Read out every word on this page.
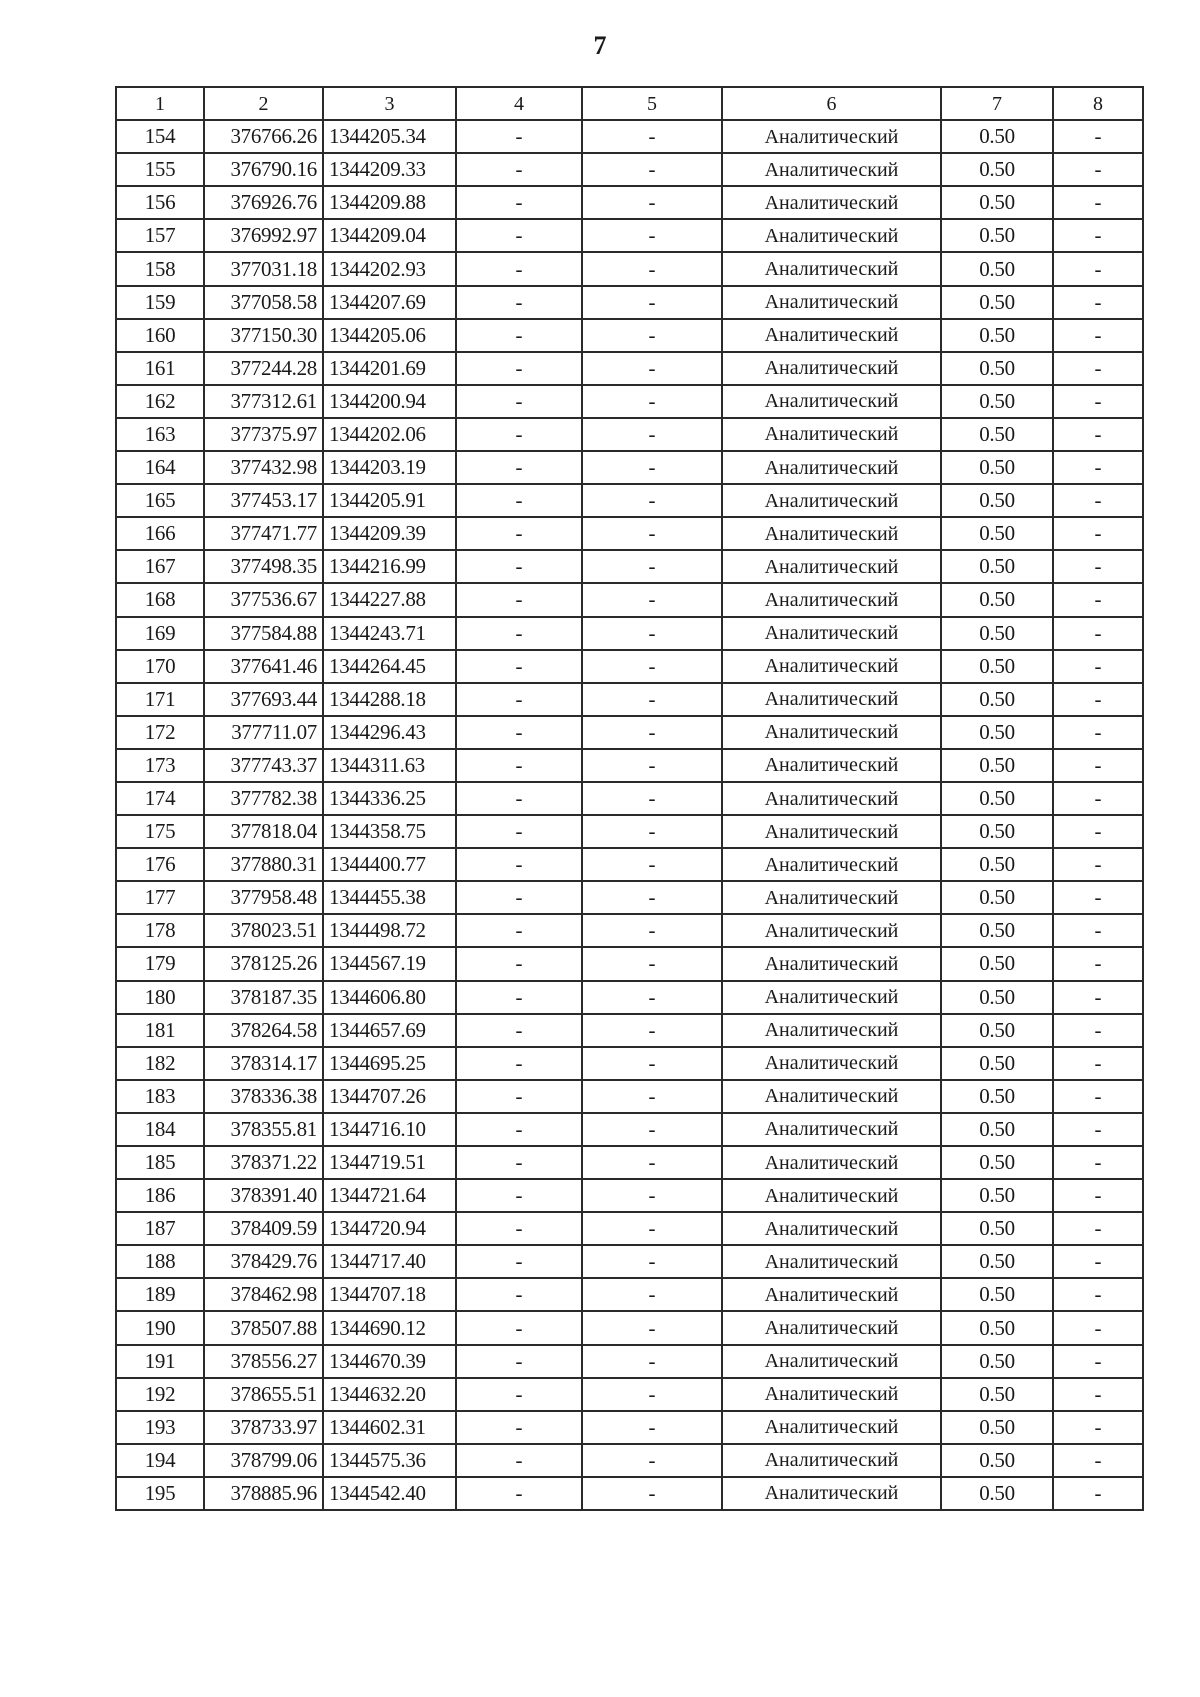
7
1	2	3	4	5	6	7	8
154	376766.26	1344205.34	-	-	Аналитический	0.50	-
155	376790.16	1344209.33	-	-	Аналитический	0.50	-
156	376926.76	1344209.88	-	-	Аналитический	0.50	-
157	376992.97	1344209.04	-	-	Аналитический	0.50	-
158	377031.18	1344202.93	-	-	Аналитический	0.50	-
159	377058.58	1344207.69	-	-	Аналитический	0.50	-
160	377150.30	1344205.06	-	-	Аналитический	0.50	-
161	377244.28	1344201.69	-	-	Аналитический	0.50	-
162	377312.61	1344200.94	-	-	Аналитический	0.50	-
163	377375.97	1344202.06	-	-	Аналитический	0.50	-
164	377432.98	1344203.19	-	-	Аналитический	0.50	-
165	377453.17	1344205.91	-	-	Аналитический	0.50	-
166	377471.77	1344209.39	-	-	Аналитический	0.50	-
167	377498.35	1344216.99	-	-	Аналитический	0.50	-
168	377536.67	1344227.88	-	-	Аналитический	0.50	-
169	377584.88	1344243.71	-	-	Аналитический	0.50	-
170	377641.46	1344264.45	-	-	Аналитический	0.50	-
171	377693.44	1344288.18	-	-	Аналитический	0.50	-
172	377711.07	1344296.43	-	-	Аналитический	0.50	-
173	377743.37	1344311.63	-	-	Аналитический	0.50	-
174	377782.38	1344336.25	-	-	Аналитический	0.50	-
175	377818.04	1344358.75	-	-	Аналитический	0.50	-
176	377880.31	1344400.77	-	-	Аналитический	0.50	-
177	377958.48	1344455.38	-	-	Аналитический	0.50	-
178	378023.51	1344498.72	-	-	Аналитический	0.50	-
179	378125.26	1344567.19	-	-	Аналитический	0.50	-
180	378187.35	1344606.80	-	-	Аналитический	0.50	-
181	378264.58	1344657.69	-	-	Аналитический	0.50	-
182	378314.17	1344695.25	-	-	Аналитический	0.50	-
183	378336.38	1344707.26	-	-	Аналитический	0.50	-
184	378355.81	1344716.10	-	-	Аналитический	0.50	-
185	378371.22	1344719.51	-	-	Аналитический	0.50	-
186	378391.40	1344721.64	-	-	Аналитический	0.50	-
187	378409.59	1344720.94	-	-	Аналитический	0.50	-
188	378429.76	1344717.40	-	-	Аналитический	0.50	-
189	378462.98	1344707.18	-	-	Аналитический	0.50	-
190	378507.88	1344690.12	-	-	Аналитический	0.50	-
191	378556.27	1344670.39	-	-	Аналитический	0.50	-
192	378655.51	1344632.20	-	-	Аналитический	0.50	-
193	378733.97	1344602.31	-	-	Аналитический	0.50	-
194	378799.06	1344575.36	-	-	Аналитический	0.50	-
195	378885.96	1344542.40	-	-	Аналитический	0.50	-
